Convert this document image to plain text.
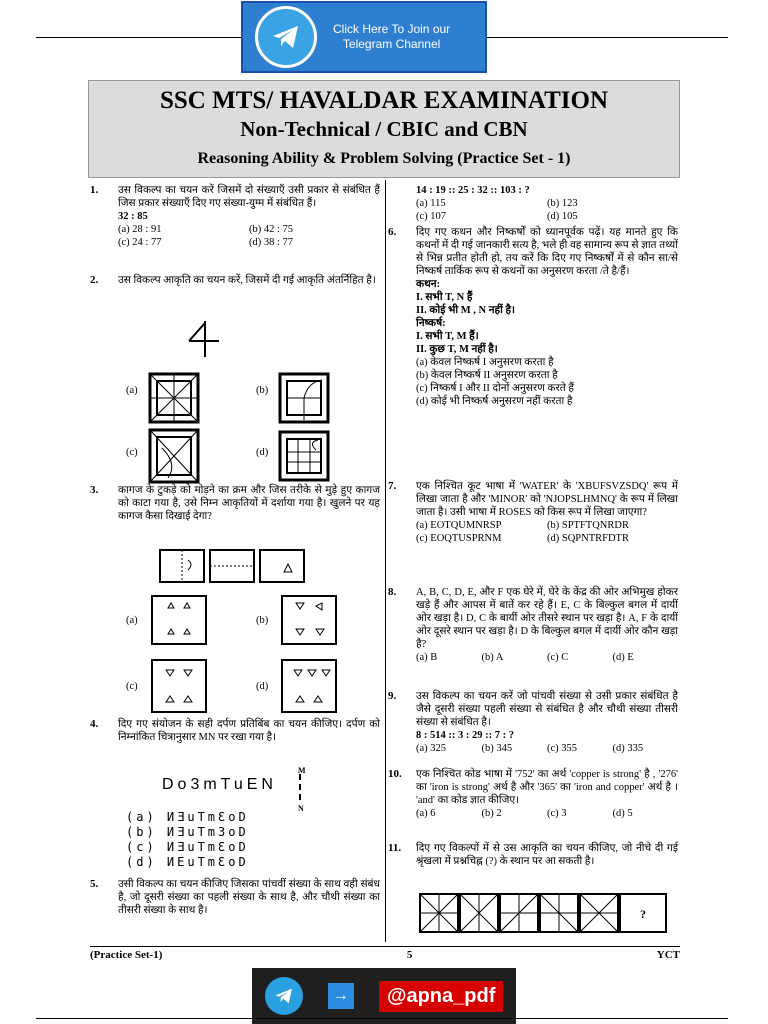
Click Here To Join our
Telegram Channel
SSC MTS/ HAVALDAR EXAMINATION
Non-Technical / CBIC and CBN
Reasoning Ability & Problem Solving (Practice Set - 1)
1. उस विकल्प का चयन करें जिसमें दो संख्याएँ उसी प्रकार से संबंधित हैं जिस प्रकार संख्याएँ दिए गए संख्या-युग्म में संबंधित हैं।
32 : 85
(a) 28 : 91	(b) 42 : 75
(c) 24 : 77	(d) 38 : 77
2. उस विकल्प आकृति का चयन करें, जिसमें दी गई आकृति अंतर्निहित है।
(a)	(b)
(c)	(d)
3. कागज के टुकड़े को मोड़ने का क्रम और जिस तरीके से मुड़े हुए कागज को काटा गया है, उसे निम्न आकृतियों में दर्शाया गया है। खुलने पर यह कागज कैसा दिखाई देगा?
(a)	(b)
(c)	(d)
4. दिए गए संयोजन के सही दर्पण प्रतिबिंब का चयन कीजिए। दर्पण को निम्नांकित चित्रानुसार MN पर रखा गया है।
Do3mTuEN
M
N
(a) ИƎuTmƐoD
(b) ИƎuTm3oD
(c) ИƎuTmƐoD
(d) ИEuTmƐoD
5. उसी विकल्प का चयन कीजिए जिसका पांचवीं संख्या के साथ वही संबंध है, जो दूसरी संख्या का पहली संख्या के साथ है, और चौथी संख्या का तीसरी संख्या के साथ है।
14 : 19 :: 25 : 32 :: 103 : ?
(a) 115	(b) 123
(c) 107	(d) 105
6. दिए गए कथन और निष्कर्षों को ध्यानपूर्वक पढ़ें। यह मानते हुए कि कथनों में दी गई जानकारी सत्य है, भले ही वह सामान्य रूप से ज्ञात तथ्यों से भिन्न प्रतीत होती हो, तय करें कि दिए गए निष्कर्षों में से कौन सा/से निष्कर्ष तार्किक रूप से कथनों का अनुसरण करता /ते है/हैं।
कथन:
I. सभी T, N हैं
II. कोई भी M , N नहीं है।
निष्कर्ष:
I. सभी T, M हैं।
II. कुछ T, M नहीं है।
(a) केवल निष्कर्ष I अनुसरण करता है
(b) केवल निष्कर्ष II अनुसरण करता है
(c) निष्कर्ष I और II दोनों अनुसरण करते हैं
(d) कोई भी निष्कर्ष अनुसरण नहीं करता है
7. एक निश्चित कूट भाषा में 'WATER' के 'XBUFSVZSDQ' रूप में लिखा जाता है और 'MINOR' को 'NJOPSLHMNQ' के रूप में लिखा जाता है। उसी भाषा में ROSES को किस रूप में लिखा जाएगा?
(a) EOTQUMNRSP	(b) SPTFTQNRDR
(c) EOQTUSPRNM	(d) SQPNTRFDTR
8. A, B, C, D, E, और F एक घेरे में, घेरे के केंद्र की ओर अभिमुख होकर खड़े हैं और आपस में बातें कर रहे हैं। E, C के बिल्कुल बगल में दायीं ओर खड़ा है। D, C के बायीं ओर तीसरे स्थान पर खड़ा है। A, F के दायीं ओर दूसरे स्थान पर खड़ा है। D के बिल्कुल बगल में दायीं ओर कौन खड़ा है?
(a) B	(b) A	(c) C	(d) E
9. उस विकल्प का चयन करें जो पांचवी संख्या से उसी प्रकार संबंधित है जैसे दूसरी संख्या पहली संख्या से संबंधित है और चौथी संख्या तीसरी संख्या से संबंधित है।
8 : 514 :: 3 : 29 :: 7 : ?
(a) 325	(b) 345	(c) 355	(d) 335
10. एक निश्चित कोड भाषा में '752' का अर्थ 'copper is strong' है , '276' का 'iron is strong' अर्थ है और '365' का 'iron and copper' अर्थ है । 'and' का कोड ज्ञात कीजिए।
(a) 6	(b) 2	(c) 3	(d) 5
11. दिए गए विकल्पों में से उस आकृति का चयन कीजिए, जो नीचे दी गई श्रृंखला में प्रश्नचिह्न (?) के स्थान पर आ सकती है।
?
(Practice Set-1)	5	YCT
→	@apna_pdf
